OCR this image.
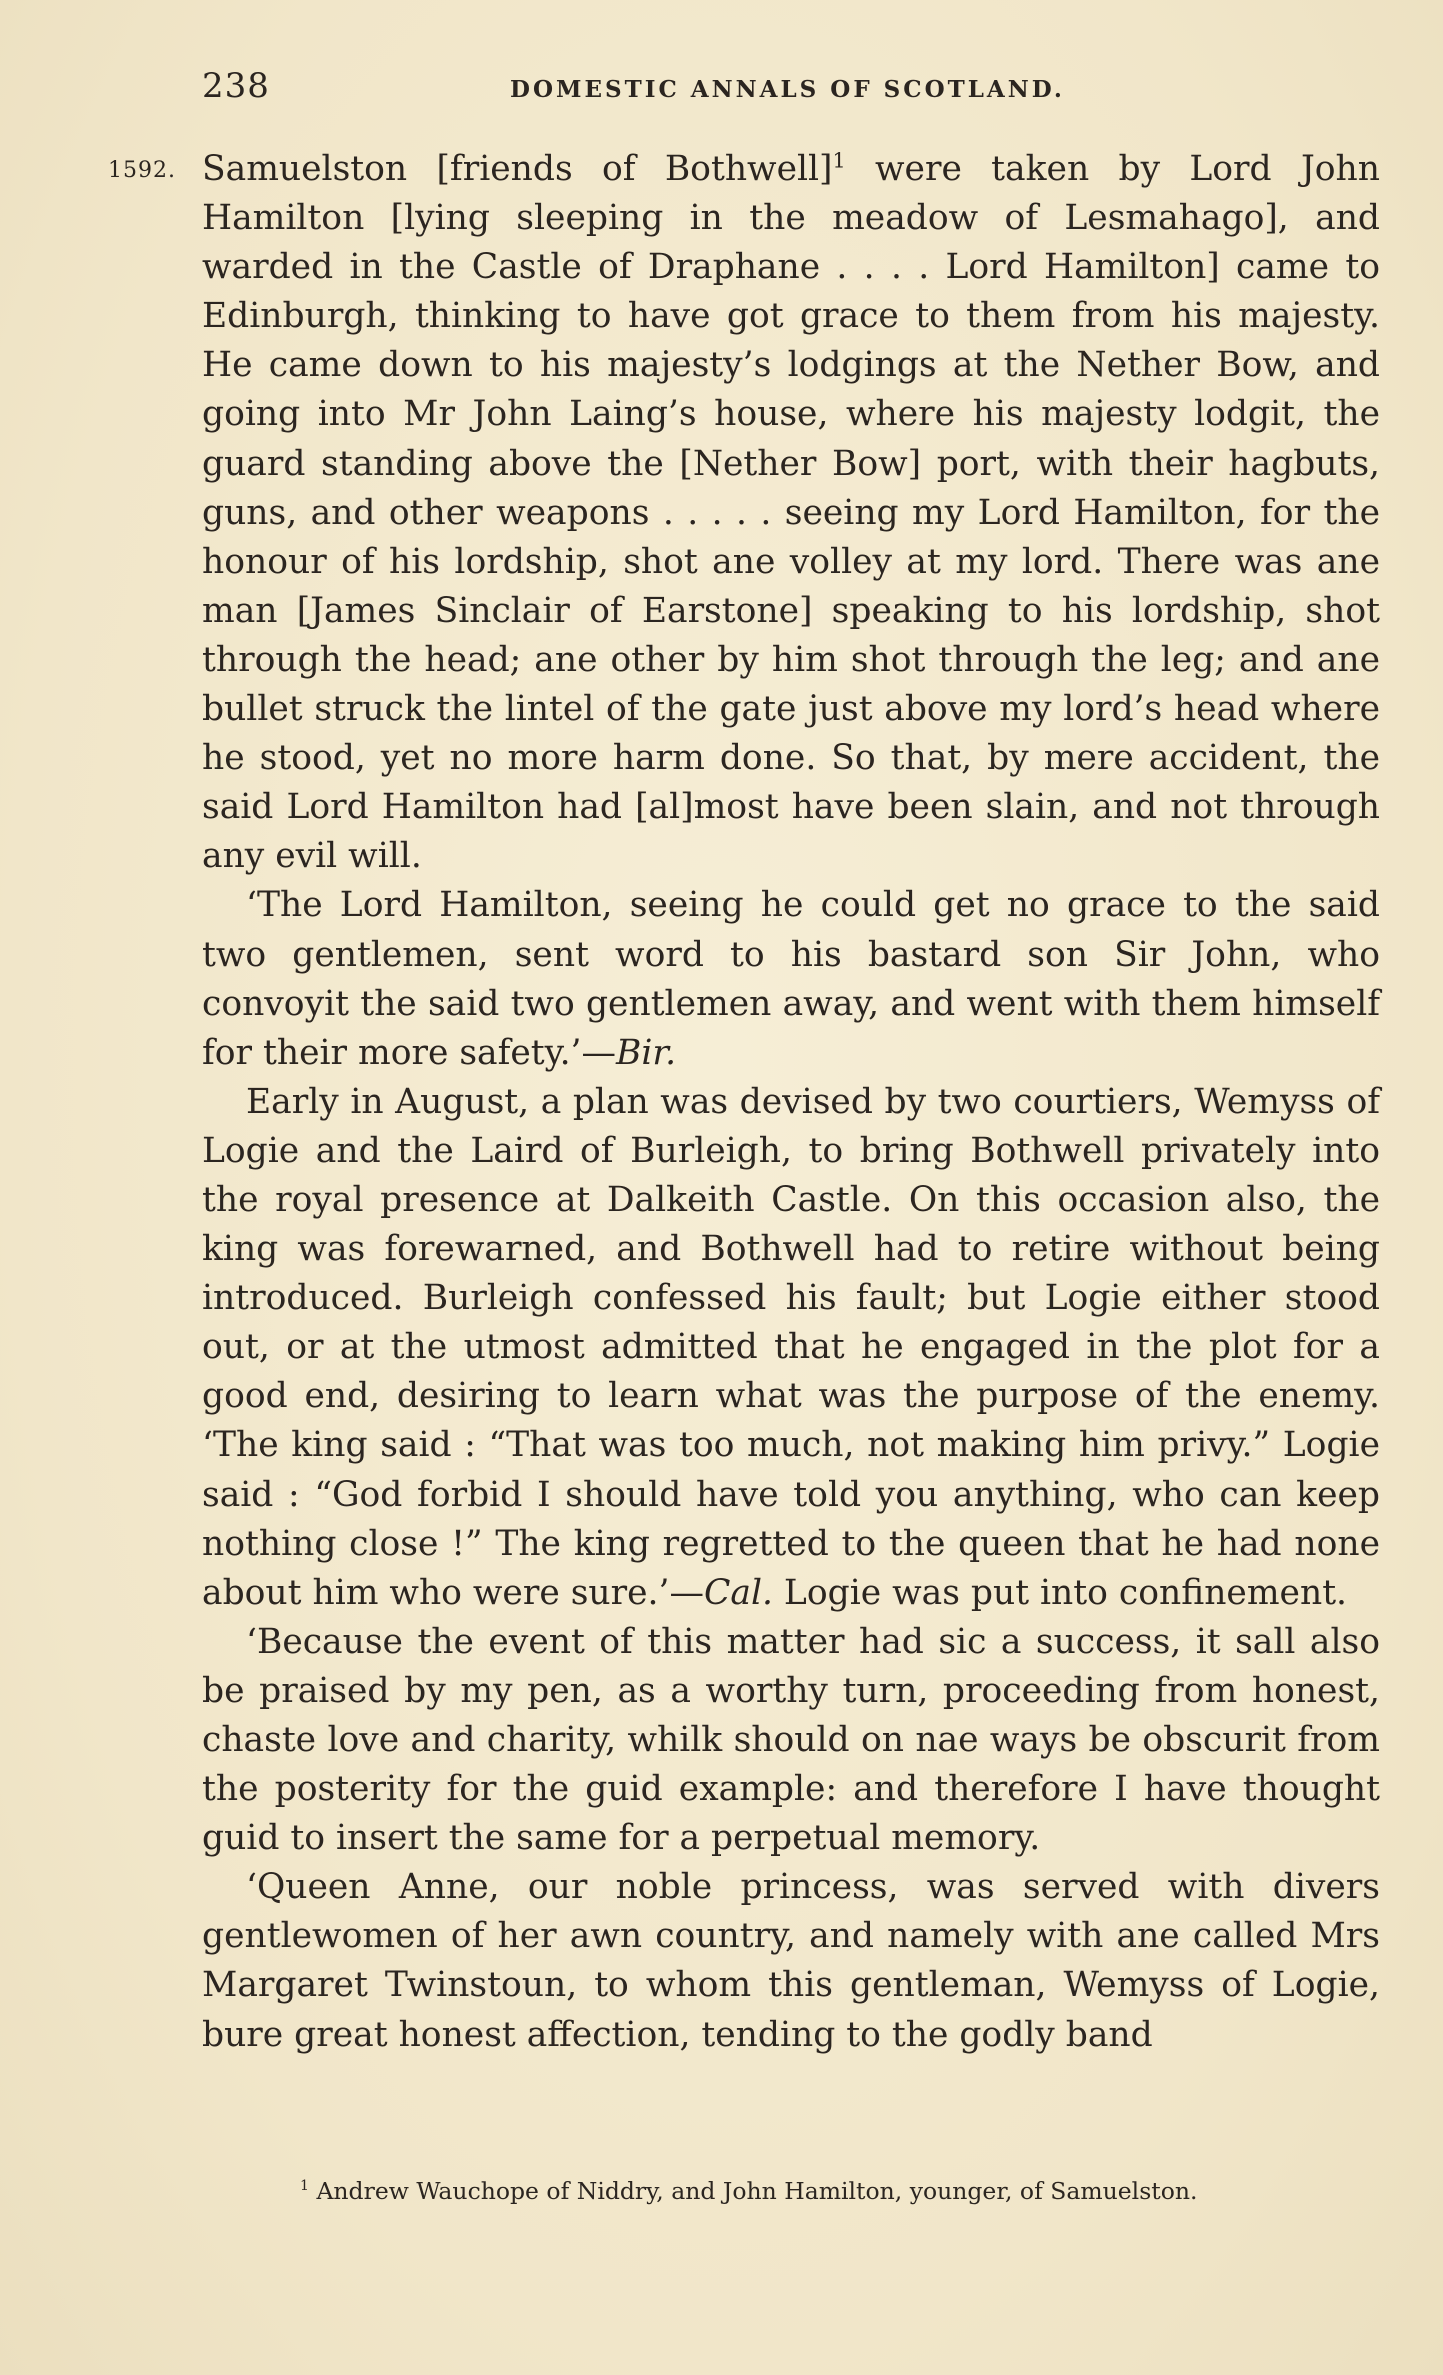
238	DOMESTIC ANNALS OF SCOTLAND.
1592. Samuelston [friends of Bothwell]$^1$ were taken by Lord John Hamilton [lying sleeping in the meadow of Lesmahago], and warded in the Castle of Draphane . . . . Lord Hamilton] came to Edinburgh, thinking to have got grace to them from his majesty. He came down to his majesty’s lodgings at the Nether Bow, and going into Mr John Laing’s house, where his majesty lodgit, the guard standing above the [Nether Bow] port, with their hagbuts, guns, and other weapons . . . . . seeing my Lord Hamilton, for the honour of his lordship, shot ane volley at my lord. There was ane man [James Sinclair of Earstone] speaking to his lordship, shot through the head; ane other by him shot through the leg; and ane bullet struck the lintel of the gate just above my lord’s head where he stood, yet no more harm done. So that, by mere accident, the said Lord Hamilton had [al]most have been slain, and not through any evil will.

‘The Lord Hamilton, seeing he could get no grace to the said two gentlemen, sent word to his bastard son Sir John, who convoyit the said two gentlemen away, and went with them himself for their more safety.’—Bir.

Early in August, a plan was devised by two courtiers, Wemyss of Logie and the Laird of Burleigh, to bring Bothwell privately into the royal presence at Dalkeith Castle. On this occasion also, the king was forewarned, and Bothwell had to retire without being introduced. Burleigh confessed his fault; but Logie either stood out, or at the utmost admitted that he engaged in the plot for a good end, desiring to learn what was the purpose of the enemy. ‘The king said : “That was too much, not making him privy.” Logie said : “God forbid I should have told you anything, who can keep nothing close !” The king regretted to the queen that he had none about him who were sure.’—Cal. Logie was put into confinement.

‘Because the event of this matter had sic a success, it sall also be praised by my pen, as a worthy turn, proceeding from honest, chaste love and charity, whilk should on nae ways be obscurit from the posterity for the guid example: and therefore I have thought guid to insert the same for a perpetual memory.

‘Queen Anne, our noble princess, was served with divers gentlewomen of her awn country, and namely with ane called Mrs Margaret Twinstoun, to whom this gentleman, Wemyss of Logie, bure great honest affection, tending to the godly band

$^1$ Andrew Wauchope of Niddry, and John Hamilton, younger, of Samuelston.
